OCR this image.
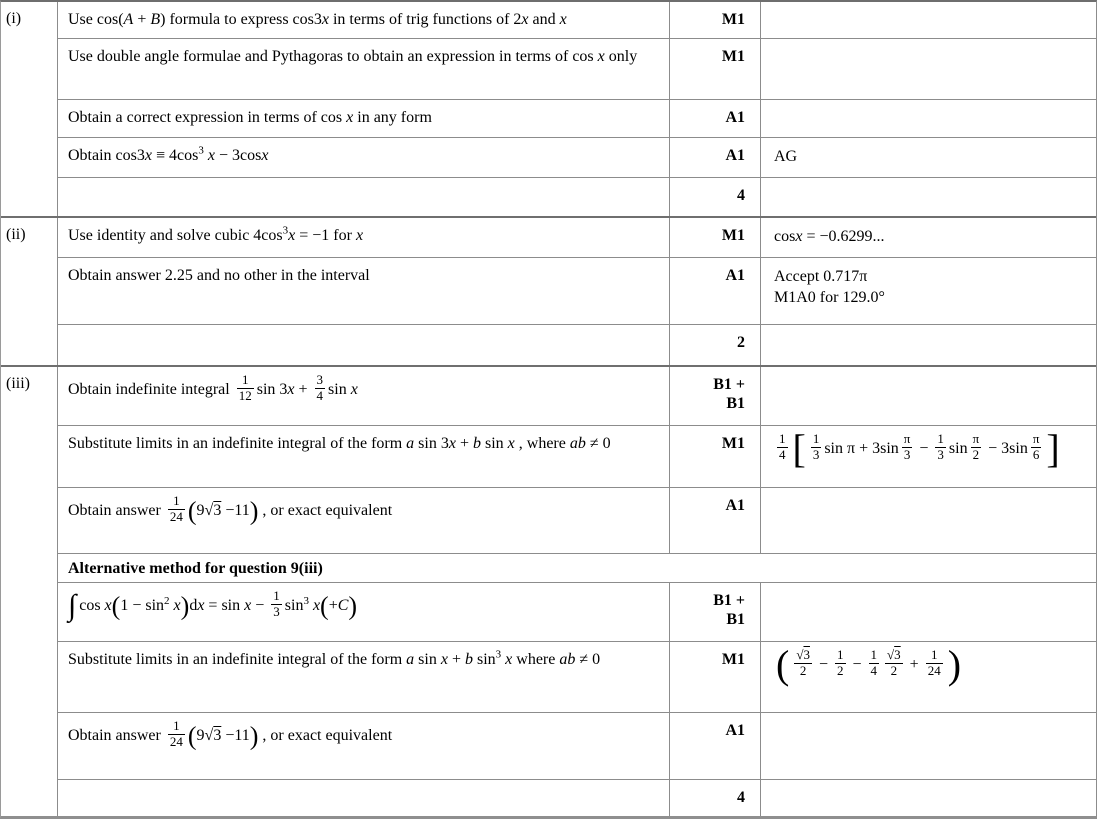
(i)	Use cos(A + B) formula to express cos3x in terms of trig functions of 2x and x	M1
Use double angle formulae and Pythagoras to obtain an expression in terms of cos x only	M1
Obtain a correct expression in terms of cos x in any form	A1
Obtain $\cos 3x \equiv 4\cos^3$ x − 3cosx	A1	AG
4
(ii)	Use identity and solve cubic $4\cos^3x = -1$ for x	M1	cosx = −0.6299...
Obtain answer 2.25 and no other in the interval	A1	Accept 0.717π
M1A0 for 129.0°
2
(iii)	Obtain indefinite integral $\frac{1}{12}$ $\sin 3x + \frac{3}{4}$ sin x	B1 +
B1
Substitute limits in an indefinite integral of the form a sin 3x + b sin x , where ab ≠ 0	M1	$\frac{1}{4}$ [ $\frac{1}{3}$ $\sin \pi + 3\sin \frac{\pi}{3} - \frac{1}{3}$ $\sin \frac{\pi}{2} - 3\sin \frac{\pi}{6}$ ]
Obtain answer $\frac{1}{24} (9√3 -11)$ , or exact equivalent	A1
Alternative method for question 9(iii)
∫ $\cos x(1 - \sin^2 x)dx = \sin x - \frac{1}{3} \sin^3 x(+C)$	B1 +
B1
Substitute limits in an indefinite integral of the form a sin x + b $\sin^3 x$ where ab ≠ 0	M1 ( $\frac{√3}{2} - \frac{1}{2} - \frac{1}{4} \frac{√3}{2} + \frac{1}{24}$ )
Obtain answer $\frac{1}{24} (9√3 -11)$ , or exact equivalent	A1
4
